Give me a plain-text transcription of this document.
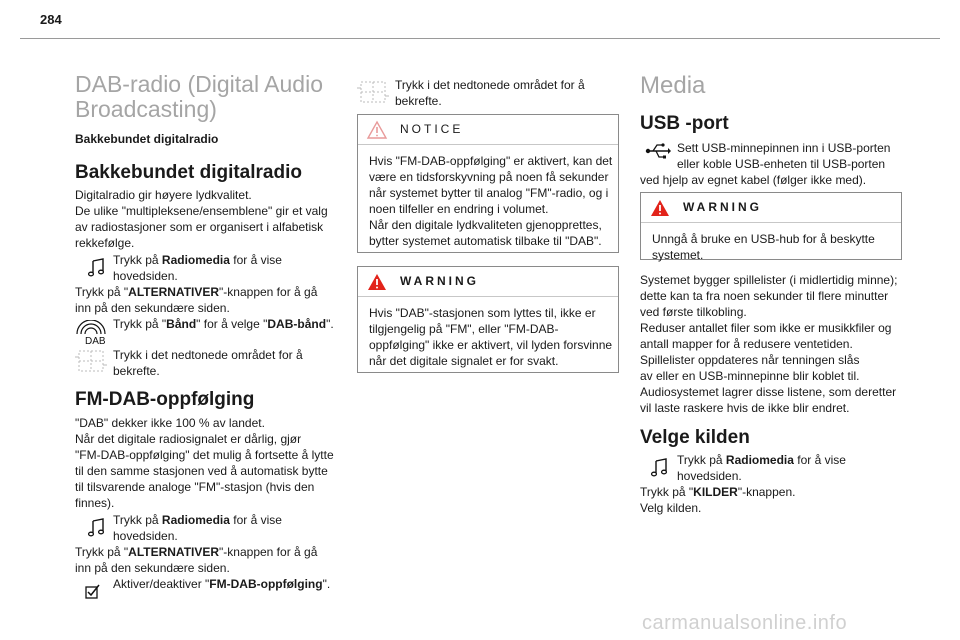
284
DAB-radio (Digital Audio
Broadcasting)

Bakkebundet digitalradio

Bakkebundet digitalradio

Digitalradio gir høyere lydkvalitet.

De ulike "multipleksene/ensemblene" gir et valg

av radiostasjoner som er organisert i alfabetisk

rekkefølge.

Trykk på Radiomedia for å vise

hovedsiden.

Trykk på "ALTERNATIVER"-knappen for å gå

inn på den sekundære siden.

DAB

Trykk på "Bånd" for å velge "DAB-bånd".

Trykk i det nedtonede området for å

bekrefte.

FM-DAB-oppfølging

"DAB" dekker ikke 100 % av landet.

Når det digitale radiosignalet er dårlig, gjør

"FM-DAB-oppfølging" det mulig å fortsette å lytte

til den samme stasjonen ved å automatisk bytte

til tilsvarende analoge "FM"-stasjon (hvis den

finnes).

Trykk på Radiomedia for å vise

hovedsiden.

Trykk på "ALTERNATIVER"-knappen for å gå

inn på den sekundære siden.

Aktiver/deaktiver "FM-DAB-oppfølging".

Trykk i det nedtonede området for å

bekrefte.

NOTICE

Hvis "FM-DAB-oppfølging" er aktivert, kan det

være en tidsforskyvning på noen få sekunder

når systemet bytter til analog "FM"-radio, og i

noen tilfeller en endring i volumet.

Når den digitale lydkvaliteten gjenopprettes,

bytter systemet automatisk tilbake til "DAB".

WARNING

Hvis "DAB"-stasjonen som lyttes til, ikke er

tilgjengelig på "FM", eller "FM-DAB-

oppfølging" ikke er aktivert, vil lyden forsvinne

når det digitale signalet er for svakt.

Media
USB -port

Sett USB-minnepinnen inn i USB-porten

eller koble USB-enheten til USB-porten

ved hjelp av egnet kabel (følger ikke med).

WARNING

Unngå å bruke en USB-hub for å beskytte

systemet.

Systemet bygger spillelister (i midlertidig minne);

dette kan ta fra noen sekunder til flere minutter

ved første tilkobling.

Reduser antallet filer som ikke er musikkfiler og

antall mapper for å redusere ventetiden.

Spillelister oppdateres når tenningen slås

av eller en USB-minnepinne blir koblet til.

Audiosystemet lagrer disse listene, som deretter

vil laste raskere hvis de ikke blir endret.

Velge kilden

Trykk på Radiomedia for å vise

hovedsiden.

Trykk på "KILDER"-knappen.

Velg kilden.

carmanualsonline.info
